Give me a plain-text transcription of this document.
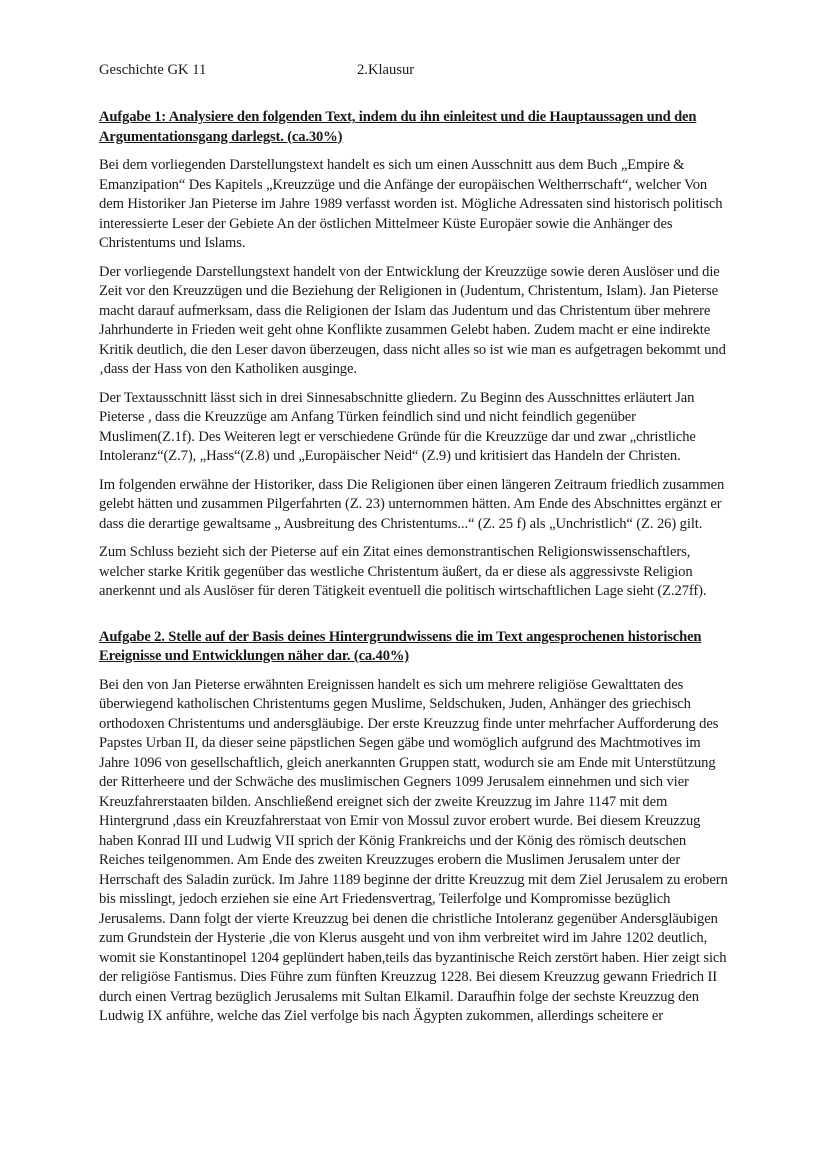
Geschichte GK 11	2.Klausur
Aufgabe 1: Analysiere den folgenden Text, indem du ihn einleitest und die Hauptaussagen und den Argumentationsgang darlegst. (ca.30%)

Bei dem vorliegenden Darstellungstext handelt es sich um einen Ausschnitt aus dem Buch „Empire & Emanzipation“ Des Kapitels „Kreuzzüge und die Anfänge der europäischen Weltherrschaft“, welcher Von dem Historiker Jan Pieterse im Jahre 1989 verfasst worden ist. Mögliche Adressaten sind historisch politisch interessierte Leser der Gebiete An der östlichen Mittelmeer Küste Europäer sowie die Anhänger des Christentums und Islams.

Der vorliegende Darstellungstext handelt von der Entwicklung der Kreuzzüge sowie deren Auslöser und die Zeit vor den Kreuzzügen und die Beziehung der Religionen in (Judentum, Christentum, Islam). Jan Pieterse macht darauf aufmerksam, dass die Religionen der Islam das Judentum und das Christentum über mehrere Jahrhunderte in Frieden weit geht ohne Konflikte zusammen Gelebt haben. Zudem macht er eine indirekte Kritik deutlich, die den Leser davon überzeugen, dass nicht alles so ist wie man es aufgetragen bekommt und ‚dass der Hass von den Katholiken ausginge.

Der Textausschnitt lässt sich in drei Sinnesabschnitte gliedern. Zu Beginn des Ausschnittes erläutert Jan Pieterse , dass die Kreuzzüge am Anfang Türken feindlich sind und nicht feindlich gegenüber Muslimen(Z.1f). Des Weiteren legt er verschiedene Gründe für die Kreuzzüge dar und zwar „christliche Intoleranz“(Z.7), „Hass“(Z.8) und „Europäischer Neid“ (Z.9) und kritisiert das Handeln der Christen.

Im folgenden erwähne der Historiker, dass Die Religionen über einen längeren Zeitraum friedlich zusammen gelebt hätten und zusammen Pilgerfahrten (Z. 23) unternommen hätten. Am Ende des Abschnittes ergänzt er dass die derartige gewaltsame „ Ausbreitung des Christentums...“ (Z. 25 f) als „Unchristlich“ (Z. 26) gilt.

Zum Schluss bezieht sich der Pieterse auf ein Zitat eines demonstrantischen Religionswissenschaftlers, welcher starke Kritik gegenüber das westliche Christentum äußert, da er diese als aggressivste Religion anerkennt und als Auslöser für deren Tätigkeit eventuell die politisch wirtschaftlichen Lage sieht (Z.27ff).

Aufgabe 2. Stelle auf der Basis deines Hintergrundwissens die im Text angesprochenen historischen Ereignisse und Entwicklungen näher dar. (ca.40%)

Bei den von Jan Pieterse erwähnten Ereignissen handelt es sich um mehrere religiöse Gewalttaten des überwiegend katholischen Christentums gegen Muslime, Seldschuken, Juden, Anhänger des griechisch orthodoxen Christentums und andersgläubige. Der erste Kreuzzug finde unter mehrfacher Aufforderung des Papstes Urban II, da dieser seine päpstlichen Segen gäbe und womöglich aufgrund des Machtmotives im Jahre 1096 von gesellschaftlich, gleich anerkannten Gruppen statt, wodurch sie am Ende mit Unterstützung der Ritterheere und der Schwäche des muslimischen Gegners 1099 Jerusalem einnehmen und sich vier Kreuzfahrerstaaten bilden. Anschließend ereignet sich der zweite Kreuzzug im Jahre 1147 mit dem Hintergrund ,dass ein Kreuzfahrerstaat von Emir von Mossul zuvor erobert wurde. Bei diesem Kreuzzug haben Konrad III und Ludwig VII sprich der König Frankreichs und der König des römisch deutschen Reiches teilgenommen. Am Ende des zweiten Kreuzzuges erobern die Muslimen Jerusalem unter der Herrschaft des Saladin zurück. Im Jahre 1189 beginne der dritte Kreuzzug mit dem Ziel Jerusalem zu erobern bis misslingt, jedoch erziehen sie eine Art Friedensvertrag, Teilerfolge und Kompromisse bezüglich Jerusalems. Dann folgt der vierte Kreuzzug bei denen die christliche Intoleranz gegenüber Andersgläubigen zum Grundstein der Hysterie ,die von Klerus ausgeht und von ihm verbreitet wird im Jahre 1202 deutlich, womit sie Konstantinopel 1204 geplündert haben,teils das byzantinische Reich zerstört haben. Hier zeigt sich der religiöse Fantismus. Dies Führe zum fünften Kreuzzug 1228. Bei diesem Kreuzzug gewann Friedrich II durch einen Vertrag bezüglich Jerusalems mit Sultan Elkamil. Daraufhin folge der sechste Kreuzzug den Ludwig IX anführe, welche das Ziel verfolge bis nach Ägypten zukommen, allerdings scheitere er
